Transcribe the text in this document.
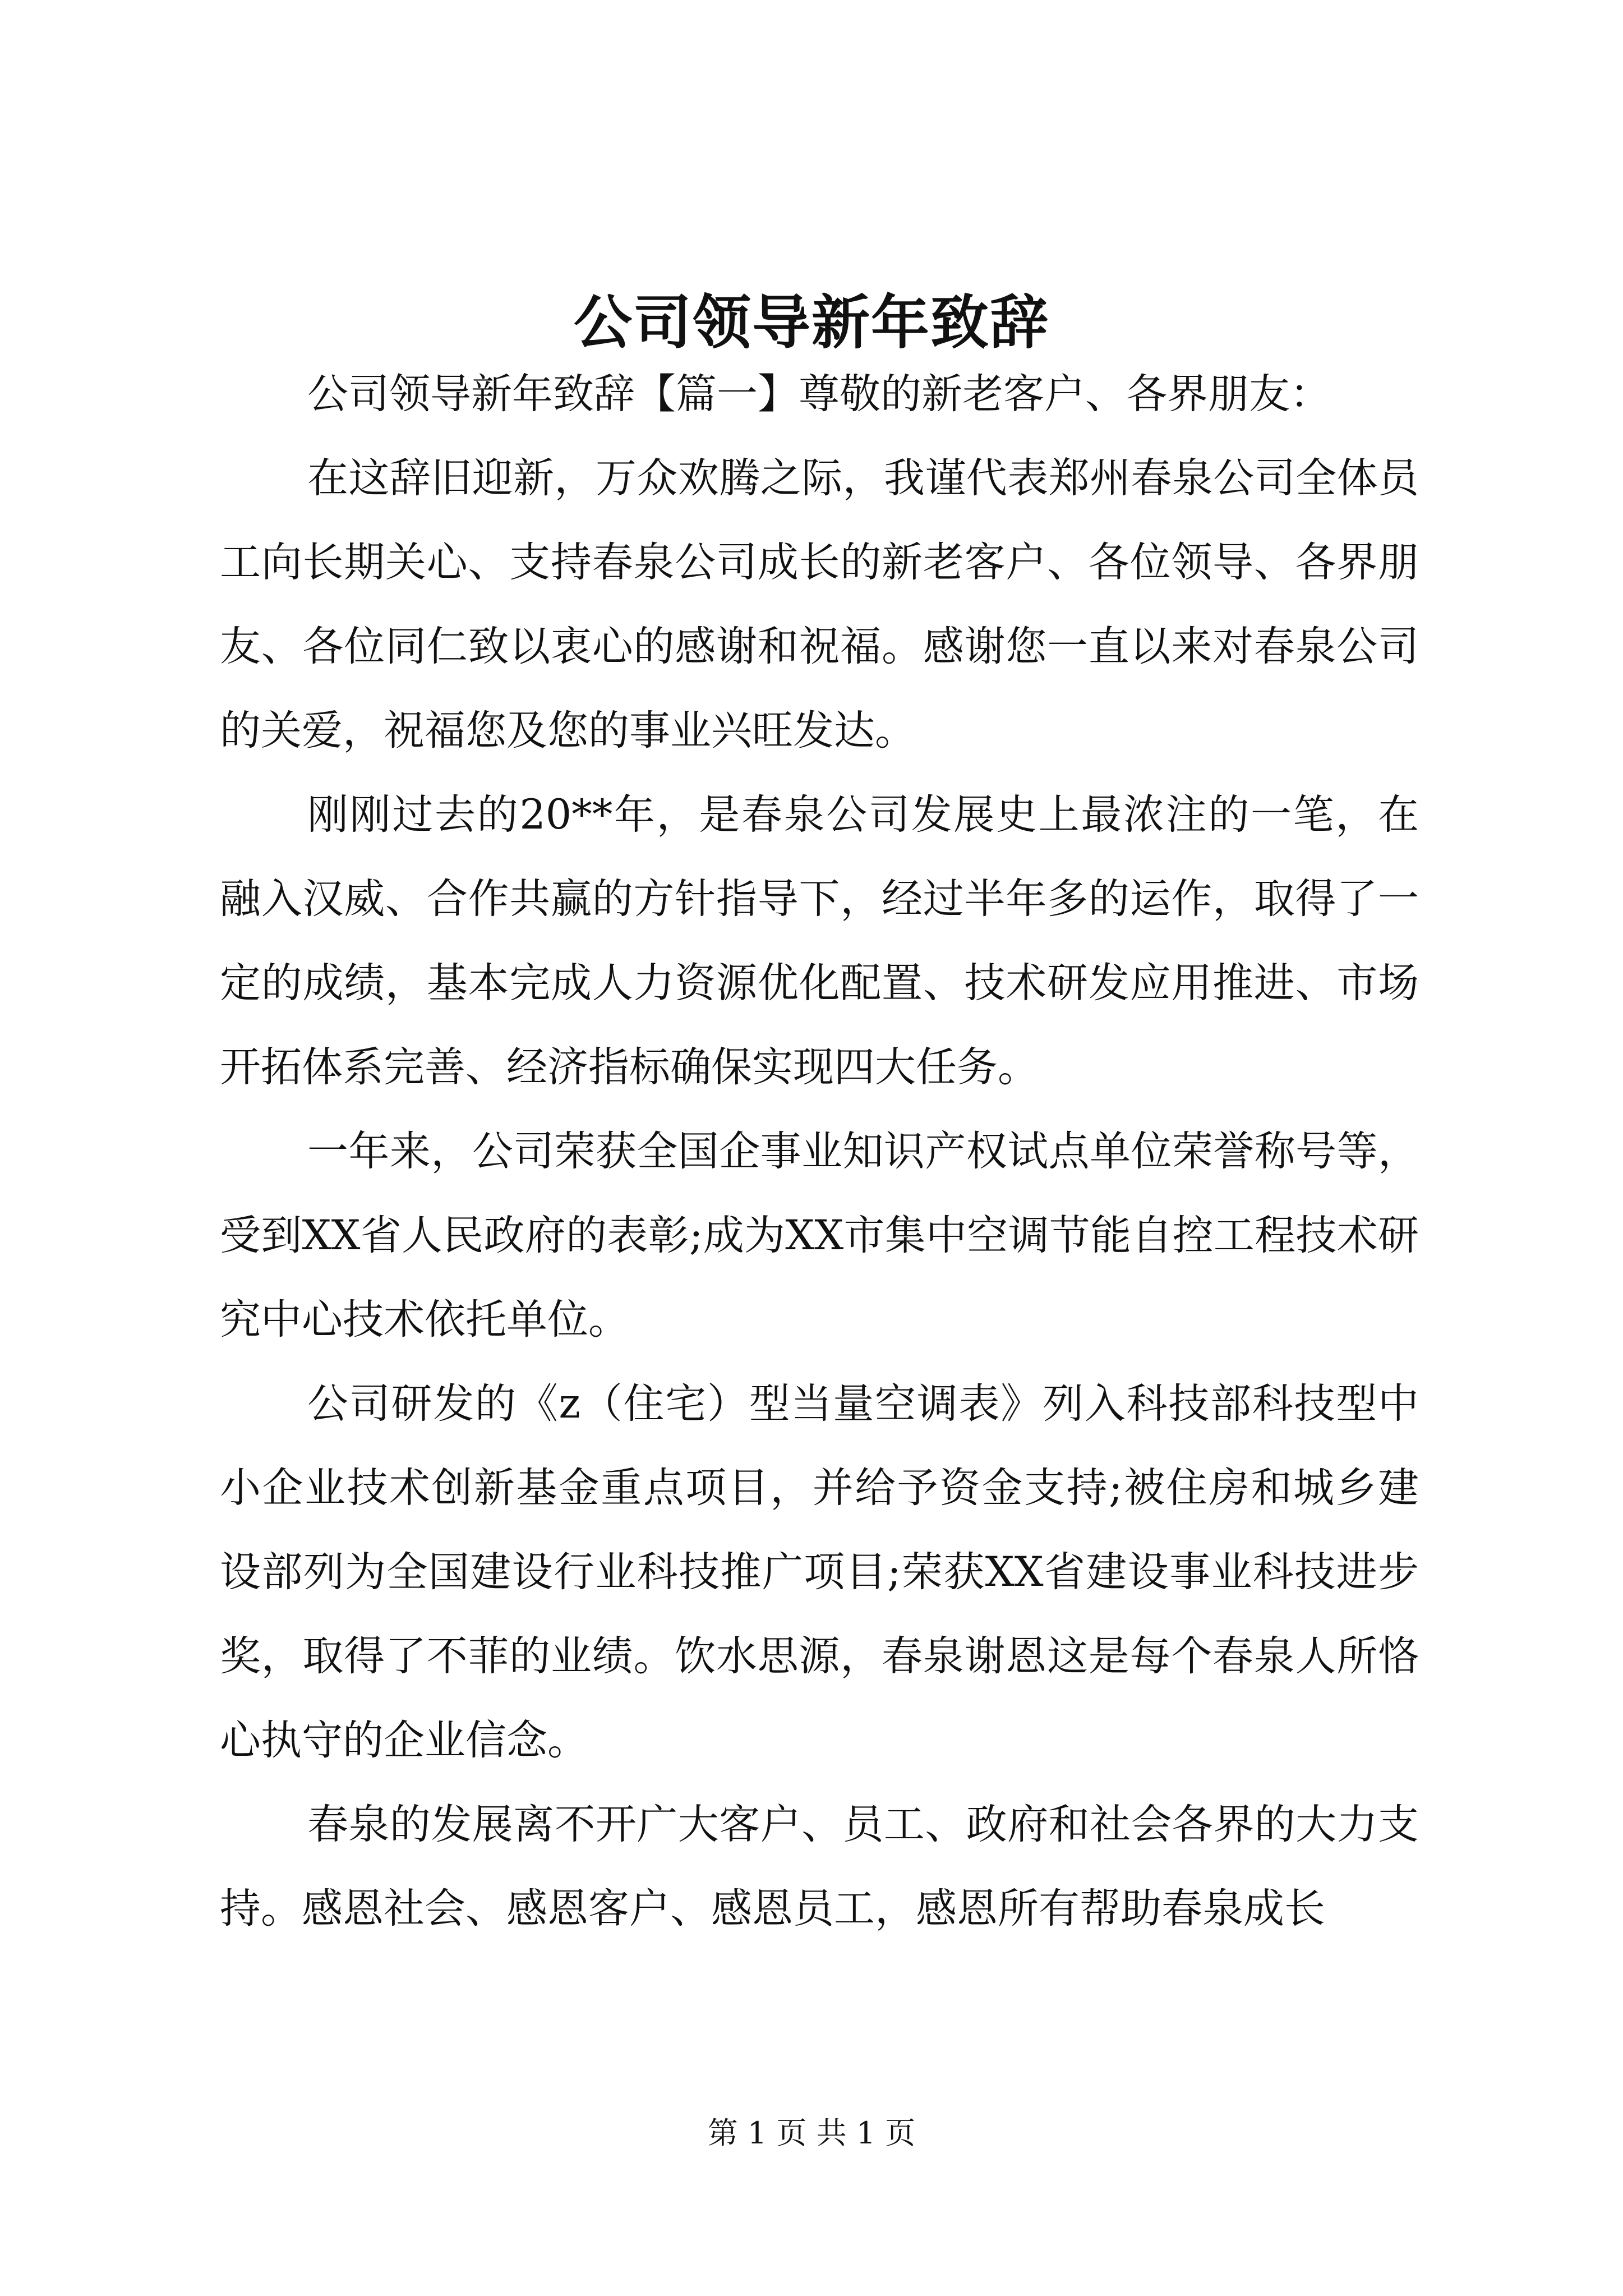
公司领导新年致辞

公司领导新年致辞【篇一】尊敬的新老客户、各界朋友：

在这辞旧迎新，万众欢腾之际，我谨代表郑州春泉公司全体员工向长期关心、支持春泉公司成长的新老客户、各位领导、各界朋友、各位同仁致以衷心的感谢和祝福。感谢您一直以来对春泉公司的关爱，祝福您及您的事业兴旺发达。

刚刚过去的20**年，是春泉公司发展史上最浓注的一笔，在融入汉威、合作共赢的方针指导下，经过半年多的运作，取得了一定的成绩，基本完成人力资源优化配置、技术研发应用推进、市场开拓体系完善、经济指标确保实现四大任务。

一年来，公司荣获全国企事业知识产权试点单位荣誉称号等，受到XX省人民政府的表彰;成为XX市集中空调节能自控工程技术研究中心技术依托单位。

公司研发的《z（住宅）型当量空调表》列入科技部科技型中小企业技术创新基金重点项目，并给予资金支持;被住房和城乡建设部列为全国建设行业科技推广项目;荣获XX省建设事业科技进步奖，取得了不菲的业绩。饮水思源，春泉谢恩这是每个春泉人所恪心执守的企业信念。

春泉的发展离不开广大客户、员工、政府和社会各界的大力支持。感恩社会、感恩客户、感恩员工，感恩所有帮助春泉成长

第 1 页 共 1 页
